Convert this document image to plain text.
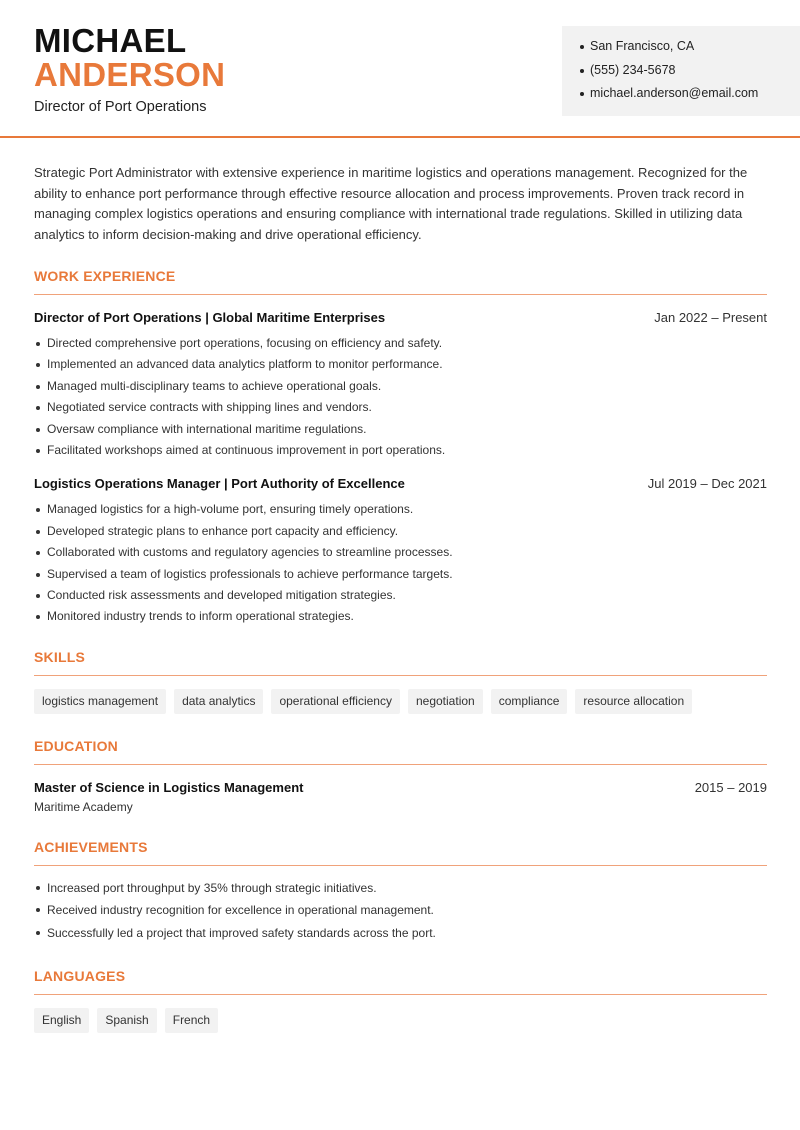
MICHAEL
ANDERSON
Director of Port Operations
San Francisco, CA
(555) 234-5678
michael.anderson@email.com

Strategic Port Administrator with extensive experience in maritime logistics and operations management. Recognized for the ability to enhance port performance through effective resource allocation and process improvements. Proven track record in managing complex logistics operations and ensuring compliance with international trade regulations. Skilled in utilizing data analytics to inform decision-making and drive operational efficiency.

WORK EXPERIENCE
Director of Port Operations | Global Maritime Enterprises	Jan 2022 – Present
Directed comprehensive port operations, focusing on efficiency and safety.
Implemented an advanced data analytics platform to monitor performance.
Managed multi-disciplinary teams to achieve operational goals.
Negotiated service contracts with shipping lines and vendors.
Oversaw compliance with international maritime regulations.
Facilitated workshops aimed at continuous improvement in port operations.
Logistics Operations Manager | Port Authority of Excellence	Jul 2019 – Dec 2021
Managed logistics for a high-volume port, ensuring timely operations.
Developed strategic plans to enhance port capacity and efficiency.
Collaborated with customs and regulatory agencies to streamline processes.
Supervised a team of logistics professionals to achieve performance targets.
Conducted risk assessments and developed mitigation strategies.
Monitored industry trends to inform operational strategies.
SKILLS
logistics management	data analytics	operational efficiency	negotiation	compliance	resource allocation
EDUCATION
Master of Science in Logistics Management	2015 – 2019
Maritime Academy
ACHIEVEMENTS
Increased port throughput by 35% through strategic initiatives.
Received industry recognition for excellence in operational management.
Successfully led a project that improved safety standards across the port.
LANGUAGES
English	Spanish	French
